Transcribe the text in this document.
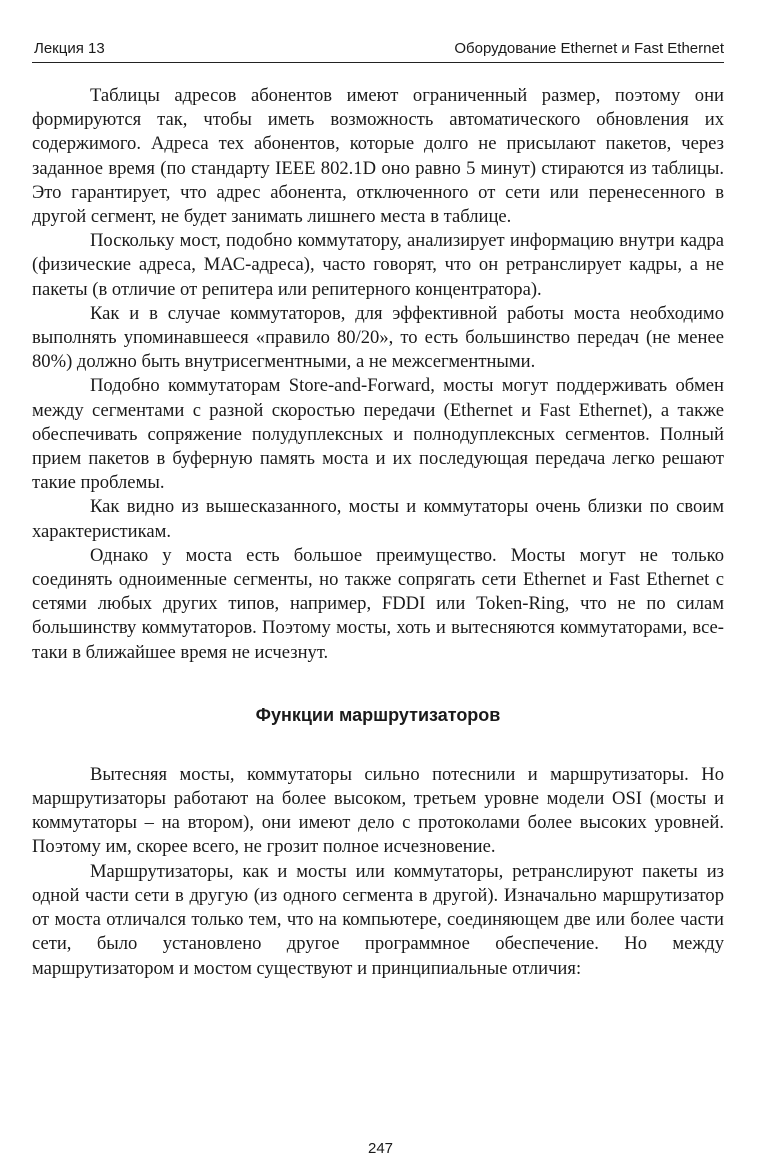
Лекция 13	Оборудование Ethernet и Fast Ethernet

Таблицы адресов абонентов имеют ограниченный размер, поэтому они формируются так, чтобы иметь возможность автоматического обновления их содержимого. Адреса тех абонентов, которые долго не присылают пакетов, через заданное время (по стандарту IEEE 802.1D оно равно 5 минут) стираются из таблицы. Это гарантирует, что адрес абонента, отключенного от сети или перенесенного в другой сегмент, не будет занимать лишнего места в таблице.

Поскольку мост, подобно коммутатору, анализирует информацию внутри кадра (физические адреса, МАС-адреса), часто говорят, что он ретранслирует кадры, а не пакеты (в отличие от репитера или репитерного концентратора).

Как и в случае коммутаторов, для эффективной работы моста необходимо выполнять упоминавшееся «правило 80/20», то есть большинство передач (не менее 80%) должно быть внутрисегментными, а не межсегментными.

Подобно коммутаторам Store-and-Forward, мосты могут поддерживать обмен между сегментами с разной скоростью передачи (Ethernet и Fast Ethernet), а также обеспечивать сопряжение полудуплексных и полнодуплексных сегментов. Полный прием пакетов в буферную память моста и их последующая передача легко решают такие проблемы.

Как видно из вышесказанного, мосты и коммутаторы очень близки по своим характеристикам.

Однако у моста есть большое преимущество. Мосты могут не только соединять одноименные сегменты, но также сопрягать сети Ethernet и Fast Ethernet с сетями любых других типов, например, FDDI или Token-Ring, что не по силам большинству коммутаторов. Поэтому мосты, хоть и вытесняются коммутаторами, все-таки в ближайшее время не исчезнут.

Функции маршрутизаторов

Вытесняя мосты, коммутаторы сильно потеснили и маршрутизаторы. Но маршрутизаторы работают на более высоком, третьем уровне модели OSI (мосты и коммутаторы – на втором), они имеют дело с протоколами более высоких уровней. Поэтому им, скорее всего, не грозит полное исчезновение.

Маршрутизаторы, как и мосты или коммутаторы, ретранслируют пакеты из одной части сети в другую (из одного сегмента в другой). Изначально маршрутизатор от моста отличался только тем, что на компьютере, соединяющем две или более части сети, было установлено другое программное обеспечение. Но между маршрутизатором и мостом существуют и принципиальные отличия:

247
